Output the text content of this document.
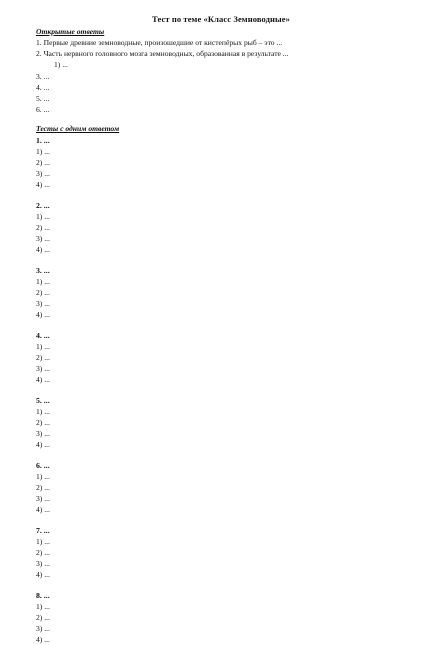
Тест по теме «Класс Земноводные»

Открытые ответы

1. Первые древние земноводные, произошедшие от кистепёрых рыб – это ...

2. Часть нервного головного мозга земноводных, образованная в результате ...

1) ...

3. ...

4. ...

5. ...

6. ...

Тесты с одним ответом

1. ...

1) ...

2) ...

3) ...

4) ...

2. ...

1) ...

2) ...

3) ...

4) ...

3. ...

1) ...

2) ...

3) ...

4) ...

4. ...

1) ...

2) ...

3) ...

4) ...

5. ...

1) ...

2) ...

3) ...

4) ...

6. ...

1) ...

2) ...

3) ...

4) ...

7. ...

1) ...

2) ...

3) ...

4) ...

8. ...

1) ...

2) ...

3) ...

4) ...
